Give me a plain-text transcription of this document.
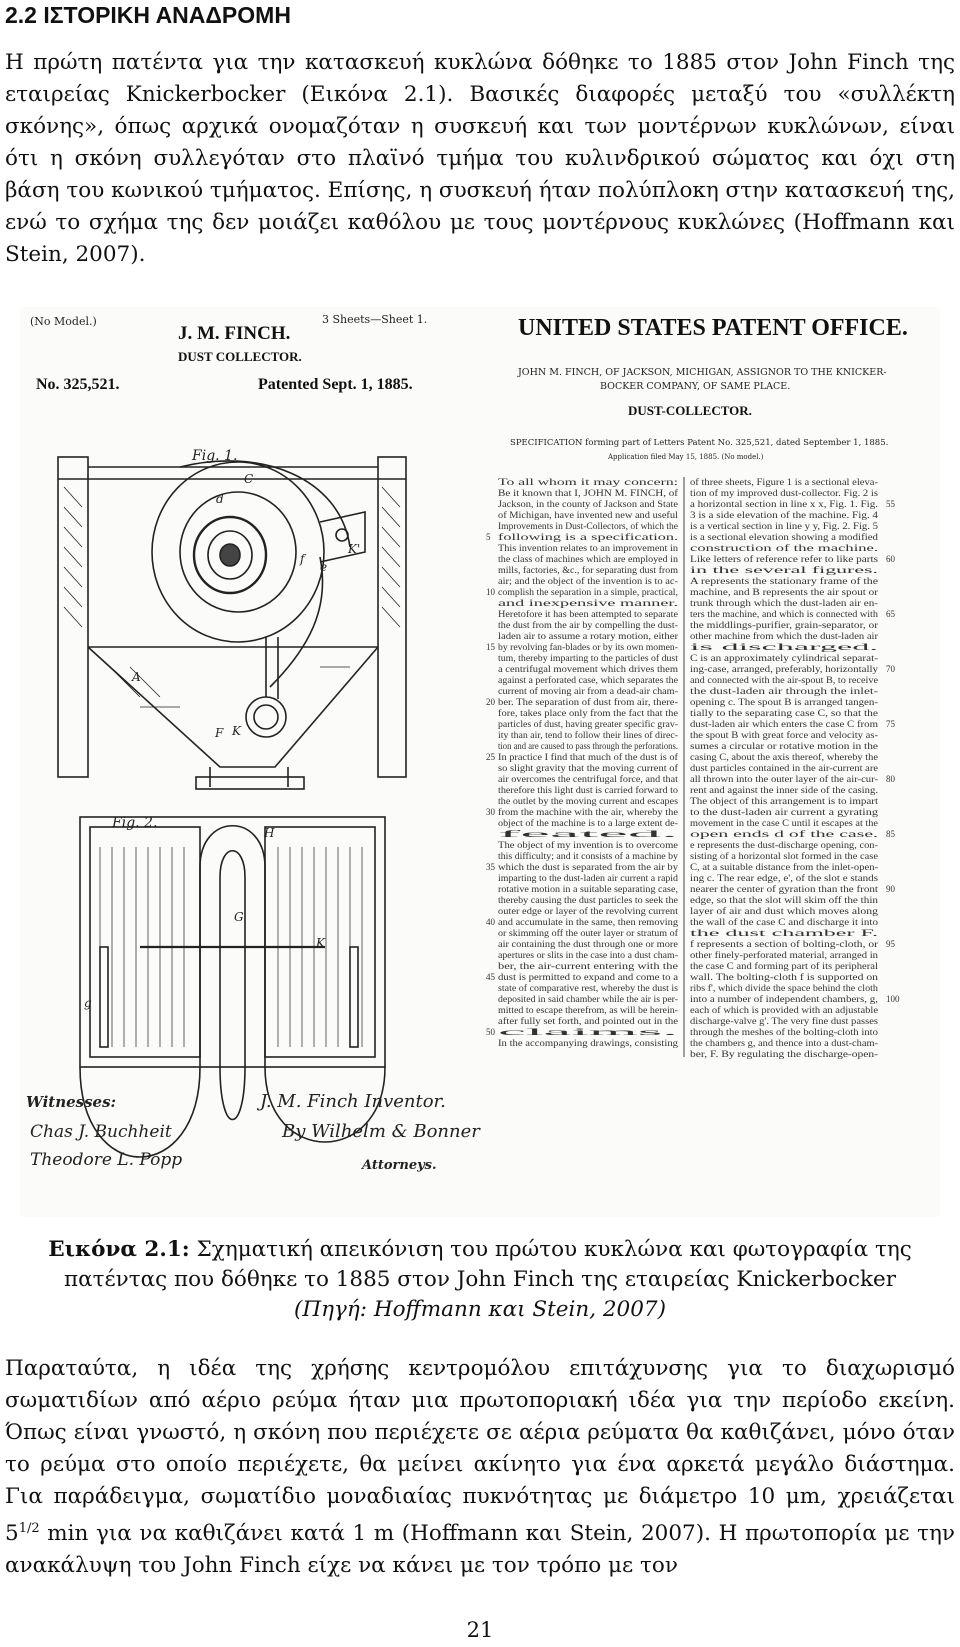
2.2 ΙΣΤΟΡΙΚΗ ΑΝΑΔΡΟΜΗ
Η πρώτη πατέντα για την κατασκευή κυκλώνα δόθηκε το 1885 στον John Finch της εταιρείας Knickerbocker (Εικόνα 2.1). Βασικές διαφορές μεταξύ του «συλλέκτη σκόνης», όπως αρχικά ονομαζόταν η συσκευή και των μοντέρνων κυκλώνων, είναι ότι η σκόνη συλλεγόταν στο πλαϊνό τμήμα του κυλινδρικού σώματος και όχι στη βάση του κωνικού τμήματος. Επίσης, η συσκευή ήταν πολύπλοκη στην κατασκευή της, ενώ το σχήμα της δεν μοιάζει καθόλου με τους μοντέρνους κυκλώνες (Hoffmann και Stein, 2007).
(No Model.)
J. M. FINCH.
3 Sheets—Sheet 1.
DUST COLLECTOR.
No. 325,521.	Patented Sept. 1, 1885.
UNITED STATES PATENT OFFICE.
JOHN M. FINCH, OF JACKSON, MICHIGAN, ASSIGNOR TO THE KNICKER-
BOCKER COMPANY, OF SAME PLACE.
DUST-COLLECTOR.
SPECIFICATION forming part of Letters Patent No. 325,521, dated September 1, 1885.
Application filed May 15, 1885. (No model.)
Fig. 1.
C
d
f
e
A
F K
K'
Fig. 2.
H
G
K
g
Witnesses:
Chas J. Buchheit
Theodore L. Popp
J. M. Finch Inventor.
By Wilhelm & Bonner
Attorneys.
To all whom it may concern:
Be it known that I, JOHN M. FINCH, of
Jackson, in the county of Jackson and State
of Michigan, have invented new and useful
Improvements in Dust-Collectors, of which the
following is a specification.
This invention relates to an improvement in
the class of machines which are employed in
mills, factories, &c., for separating dust from
air; and the object of the invention is to ac-
complish the separation in a simple, practical,
and inexpensive manner.
Heretofore it has been attempted to separate
the dust from the air by compelling the dust-
laden air to assume a rotary motion, either
by revolving fan-blades or by its own momen-
tum, thereby imparting to the particles of dust
a centrifugal movement which drives them
against a perforated case, which separates the
current of moving air from a dead-air cham-
ber. The separation of dust from air, there-
fore, takes place only from the fact that the
particles of dust, having greater specific grav-
ity than air, tend to follow their lines of direc-
tion and are caused to pass through the perforations.
In practice I find that much of the dust is of
so slight gravity that the moving current of
air overcomes the centrifugal force, and that
therefore this light dust is carried forward to
the outlet by the moving current and escapes
from the machine with the air, whereby the
object of the machine is to a large extent de-
feated.
The object of my invention is to overcome
this difficulty; and it consists of a machine by
which the dust is separated from the air by
imparting to the dust-laden air current a rapid
rotative motion in a suitable separating case,
thereby causing the dust particles to seek the
outer edge or layer of the revolving current
and accumulate in the same, then removing
or skimming off the outer layer or stratum of
air containing the dust through one or more
apertures or slits in the case into a dust cham-
ber, the air-current entering with the
dust is permitted to expand and come to a
state of comparative rest, whereby the dust is
deposited in said chamber while the air is per-
mitted to escape therefrom, as will be herein-
after fully set forth, and pointed out in the
claims.
In the accompanying drawings, consisting
of three sheets, Figure 1 is a sectional eleva-
tion of my improved dust-collector. Fig. 2 is
a horizontal section in line x x, Fig. 1. Fig.
3 is a side elevation of the machine. Fig. 4
is a vertical section in line y y, Fig. 2. Fig. 5
is a sectional elevation showing a modified
construction of the machine.
Like letters of reference refer to like parts
in the several figures.
A represents the stationary frame of the
machine, and B represents the air spout or
trunk through which the dust-laden air en-
ters the machine, and which is connected with
the middlings-purifier, grain-separator, or
other machine from which the dust-laden air
is discharged.
C is an approximately cylindrical separat-
ing-case, arranged, preferably, horizontally
and connected with the air-spout B, to receive
the dust-laden air through the inlet-
opening c. The spout B is arranged tangen-
tially to the separating case C, so that the
dust-laden air which enters the case C from
the spout B with great force and velocity as-
sumes a circular or rotative motion in the
casing C, about the axis thereof, whereby the
dust particles contained in the air-current are
all thrown into the outer layer of the air-cur-
rent and against the inner side of the casing.
The object of this arrangement is to impart
to the dust-laden air current a gyrating
movement in the case C until it escapes at the
open ends d of the case.
e represents the dust-discharge opening, con-
sisting of a horizontal slot formed in the case
C, at a suitable distance from the inlet-open-
ing c. The rear edge, e', of the slot e stands
nearer the center of gyration than the front
edge, so that the slot will skim off the thin
layer of air and dust which moves along
the wall of the case C and discharge it into
the dust chamber F.
f represents a section of bolting-cloth, or
other finely-perforated material, arranged in
the case C and forming part of its peripheral
wall. The bolting-cloth f is supported on
ribs f', which divide the space behind the cloth
into a number of independent chambers, g,
each of which is provided with an adjustable
discharge-valve g'. The very fine dust passes
through the meshes of the bolting-cloth into
the chambers g, and thence into a dust-cham-
ber, F. By regulating the discharge-open-
5
10
15
20
25
30
35
40
45
50
55
60
65
70
75
80
85
90
95
100
Εικόνα 2.1: Σχηματική απεικόνιση του πρώτου κυκλώνα και φωτογραφία της
πατέντας που δόθηκε το 1885 στον John Finch της εταιρείας Knickerbocker
(Πηγή: Hoffmann και Stein, 2007)
Παραταύτα, η ιδέα της χρήσης κεντρομόλου επιτάχυνσης για το διαχωρισμό σωματιδίων από αέριο ρεύμα ήταν μια πρωτοποριακή ιδέα για την περίοδο εκείνη. Όπως είναι γνωστό, η σκόνη που περιέχετε σε αέρια ρεύματα θα καθιζάνει, μόνο όταν το ρεύμα στο οποίο περιέχετε, θα μείνει ακίνητο για ένα αρκετά μεγάλο διάστημα. Για παράδειγμα, σωματίδιο μοναδιαίας πυκνότητας με διάμετρο 10 μm, χρειάζεται $5^{1/2}$ min για να καθιζάνει κατά 1 m (Hoffmann και Stein, 2007). Η πρωτοπορία με την ανακάλυψη του John Finch είχε να κάνει με τον τρόπο με τον
21
